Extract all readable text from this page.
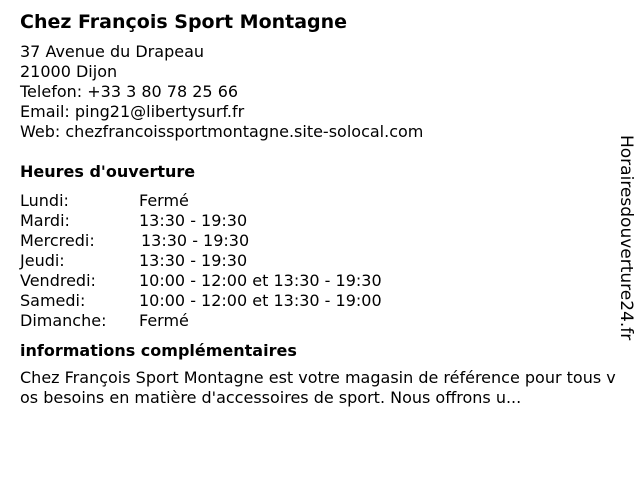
Chez François Sport Montagne
37 Avenue du Drapeau
21000 Dijon
Telefon: +33 3 80 78 25 66
Email: ping21@libertysurf.fr
Web: chezfrancoissportmontagne.site-solocal.com
Heures d'ouverture
Lundi:	Fermé
Mardi:	13:30 - 19:30
Mercredi:	13:30 - 19:30
Jeudi:	13:30 - 19:30
Vendredi:	10:00 - 12:00 et 13:30 - 19:30
Samedi:	10:00 - 12:00 et 13:30 - 19:00
Dimanche:	Fermé
informations complémentaires

Chez François Sport Montagne est votre magasin de référence pour tous vos besoins en matière d'accessoires de sport. Nous offrons u...

Horairesdouverture24.fr
